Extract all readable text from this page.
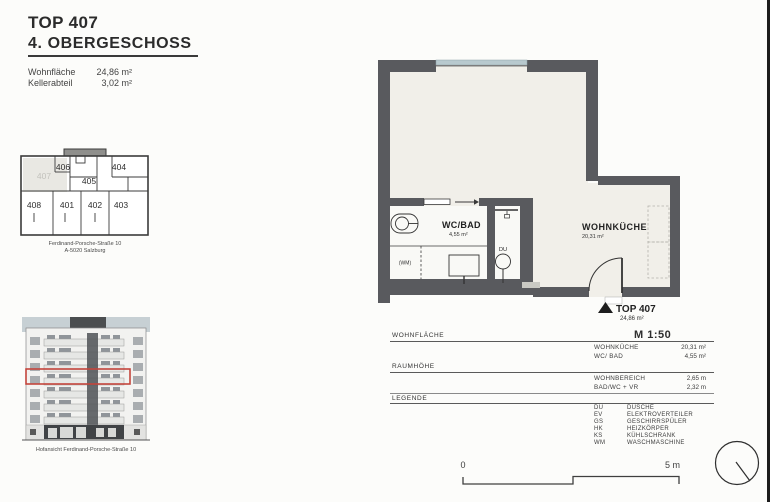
TOP 407
4. OBERGESCHOSS
Wohnfläche 24,86 m²
Kellerabteil	3,02 m²
406	404
405
408 401 402 403
407
Ferdinand-Porsche-Straße 10
A-5020 Salzburg
Hofansicht Ferdinand-Porsche-Straße 10
DU
(WM)
WOHNKÜCHE
20,31 m²
WC/BAD
4,55 m²
TOP 407
24,86 m²
M 1:50
WOHNFLÄCHE
WOHNKÜCHE	20,31 m²
WC/ BAD	4,55 m²
RAUMHÖHE
WOHNBEREICH	2,65 m
BAD/WC + VR	2,32 m
LEGENDE
DU	DUSCHE
EV	ELEKTROVERTEILER
GS	GESCHIRRSPÜLER
HK	HEIZKÖRPER
KS	KÜHLSCHRANK
WM	WASCHMASCHINE
0	5 m
